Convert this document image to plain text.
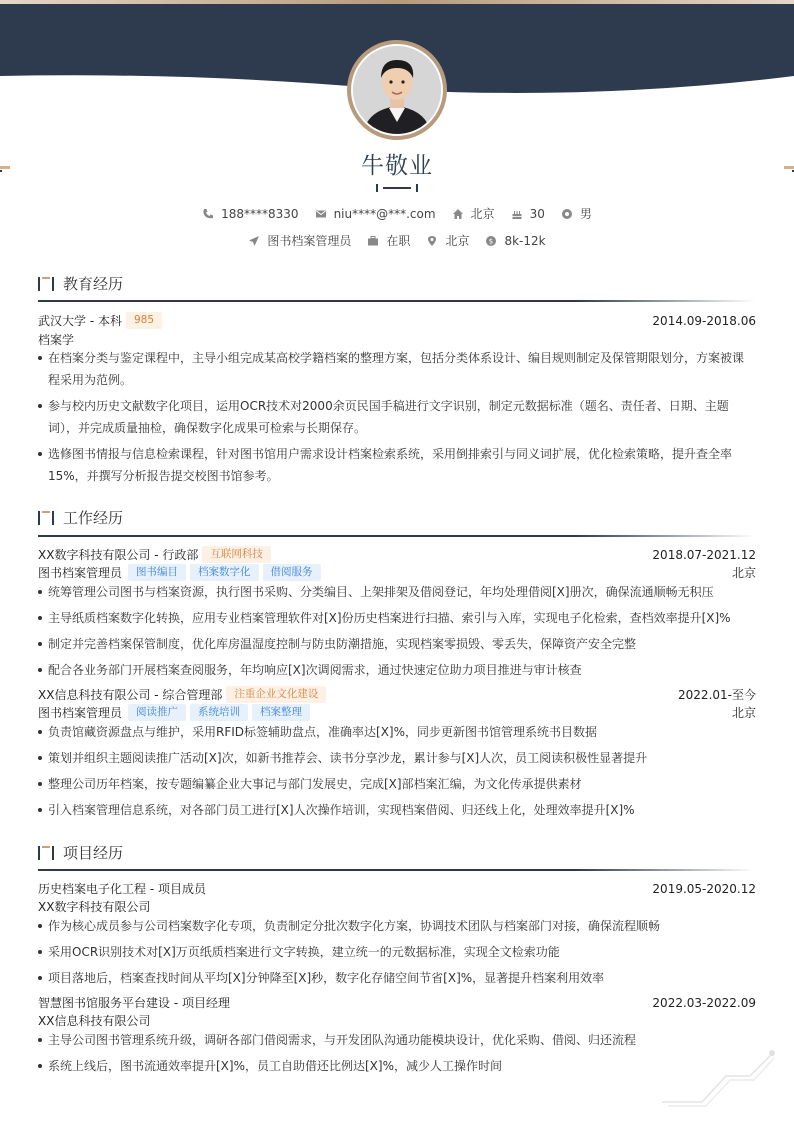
牛敬业
188****8330	niu****@***.com	北京	30	男
图书档案管理员	在职	北京	$ 8k-12k
教育经历
武汉大学 - 本科	985	2014.09-2018.06
档案学
在档案分类与鉴定课程中，主导小组完成某高校学籍档案的整理方案，包括分类体系设计、编目规则制定及保管期限划分，方案被课
程采用为范例。
参与校内历史文献数字化项目，运用OCR技术对2000余页民国手稿进行文字识别，制定元数据标准（题名、责任者、日期、主题
词），并完成质量抽检，确保数字化成果可检索与长期保存。
选修图书情报与信息检索课程，针对图书馆用户需求设计档案检索系统，采用倒排索引与同义词扩展，优化检索策略，提升查全率
15%，并撰写分析报告提交校图书馆参考。
工作经历
XX数字科技有限公司 - 行政部	互联网科技	2018.07-2021.12
图书档案管理员	图书编目	档案数字化	借阅服务	北京
统筹管理公司图书与档案资源，执行图书采购、分类编目、上架排架及借阅登记，年均处理借阅[X]册次，确保流通顺畅无积压
主导纸质档案数字化转换，应用专业档案管理软件对[X]份历史档案进行扫描、索引与入库，实现电子化检索，查档效率提升[X]%
制定并完善档案保管制度，优化库房温湿度控制与防虫防潮措施，实现档案零损毁、零丢失，保障资产安全完整
配合各业务部门开展档案查阅服务，年均响应[X]次调阅需求，通过快速定位助力项目推进与审计核查
XX信息科技有限公司 - 综合管理部	注重企业文化建设	2022.01-至今
图书档案管理员	阅读推广	系统培训	档案整理	北京
负责馆藏资源盘点与维护，采用RFID标签辅助盘点，准确率达[X]%，同步更新图书馆管理系统书目数据
策划并组织主题阅读推广活动[X]次，如新书推荐会、读书分享沙龙，累计参与[X]人次，员工阅读积极性显著提升
整理公司历年档案，按专题编纂企业大事记与部门发展史，完成[X]部档案汇编，为文化传承提供素材
引入档案管理信息系统，对各部门员工进行[X]人次操作培训，实现档案借阅、归还线上化，处理效率提升[X]%
项目经历
历史档案电子化工程 - 项目成员	2019.05-2020.12
XX数字科技有限公司
作为核心成员参与公司档案数字化专项，负责制定分批次数字化方案，协调技术团队与档案部门对接，确保流程顺畅
采用OCR识别技术对[X]万页纸质档案进行文字转换，建立统一的元数据标准，实现全文检索功能
项目落地后，档案查找时间从平均[X]分钟降至[X]秒，数字化存储空间节省[X]%，显著提升档案利用效率
智慧图书馆服务平台建设 - 项目经理	2022.03-2022.09
XX信息科技有限公司
主导公司图书管理系统升级，调研各部门借阅需求，与开发团队沟通功能模块设计，优化采购、借阅、归还流程
系统上线后，图书流通效率提升[X]%，员工自助借还比例达[X]%，减少人工操作时间
